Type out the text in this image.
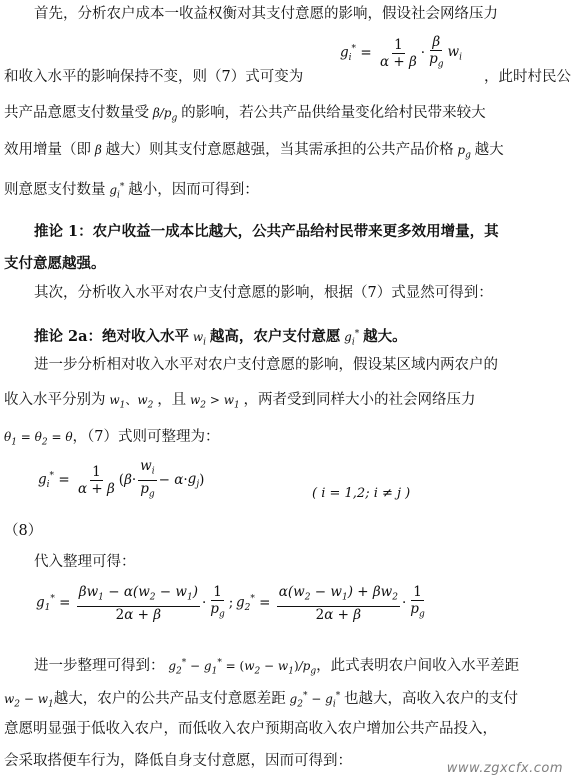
首先，分析农户成本一收益权衡对其支付意愿的影响，假设社会网络压力
$g_i^* = \frac{1}{\alpha + \beta} \cdot \frac{\beta}{p_g} w_i$
和收入水平的影响保持不变，则（7）式可变为	，此时村民公
共产品意愿支付数量受 $\beta/p_g$ 的影响，若公共产品供给量变化给村民带来较大
效用增量（即 β 越大）则其支付意愿越强，当其需承担的公共产品价格 $p_g$ 越大
则意愿支付数量 $g_i^*$ 越小，因而可得到：
推论 1：农户收益一成本比越大，公共产品给村民带来更多效用增量，其
支付意愿越强。
其次，分析收入水平对农户支付意愿的影响，根据（7）式显然可得到：
推论 2a：绝对收入水平 $w_i$ 越高，农户支付意愿 $g_i^*$ 越大。
进一步分析相对收入水平对农户支付意愿的影响，假设某区域内两农户的
收入水平分别为 $w_1$、$w_2$ ，且 $w_2 > w_1$ ，两者受到同样大小的社会网络压力
$\theta_1 = \theta_2 = \theta$，（7）式则可整理为：
$g_i^* = \frac{1}{\alpha + \beta}$ ( $\beta \cdot \frac{w_i}{p_g} - \alpha \cdot g_j$ )
( i = 1,2; i ≠ j )
（8）
代入整理可得：
$g_1^* = \frac{\beta w_1 - \alpha(w_2 - w_1)}{2\alpha + \beta} \cdot \frac{1}{p_g}$ ; $g_2^* = \frac{\alpha(w_2 - w_1) + \beta w_2}{2\alpha + \beta} \cdot \frac{1}{p_g}$
进一步整理可得到： $g_2^* - g_1^* = (w_2 - w_1)/p_g$，此式表明农户间收入水平差距
$w_2 - w_1$越大，农户的公共产品支付意愿差距 $g_2^* - g_i^*$ 也越大，高收入农户的支付
意愿明显强于低收入农户，而低收入农户预期高收入农户增加公共产品投入，
会采取搭便车行为，降低自身支付意愿，因而可得到：	www.zgxcfx.com
